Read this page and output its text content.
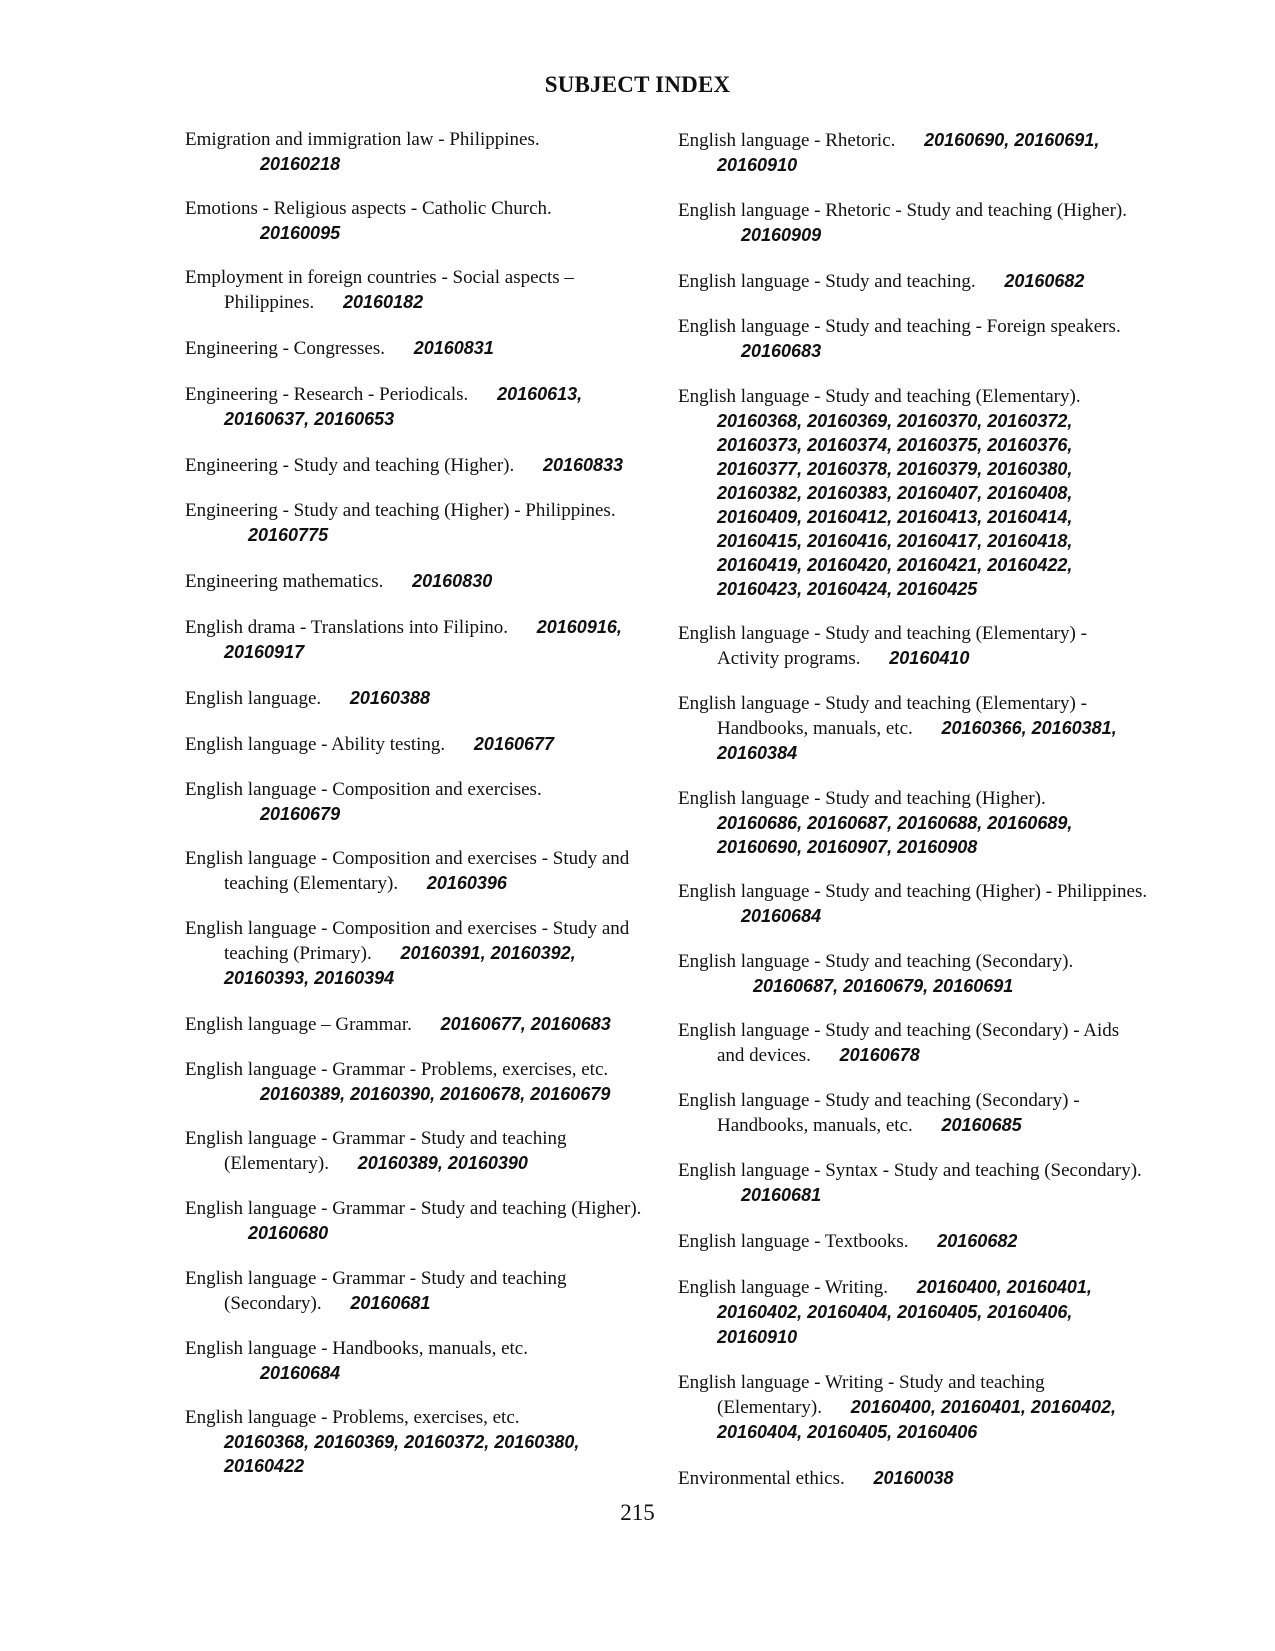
SUBJECT INDEX
Emigration and immigration law - Philippines.
20160218
Emotions - Religious aspects - Catholic Church.
20160095
Employment in foreign countries - Social aspects – Philippines. 20160182
Engineering - Congresses. 20160831
Engineering - Research - Periodicals. 20160613, 20160637, 20160653
Engineering - Study and teaching (Higher). 20160833
Engineering - Study and teaching (Higher) - Philippines. 20160775
Engineering mathematics. 20160830
English drama - Translations into Filipino. 20160916, 20160917
English language. 20160388
English language - Ability testing. 20160677
English language - Composition and exercises.
20160679
English language - Composition and exercises - Study and teaching (Elementary). 20160396
English language - Composition and exercises - Study and teaching (Primary). 20160391, 20160392, 20160393, 20160394
English language – Grammar. 20160677, 20160683
English language - Grammar - Problems, exercises, etc.
20160389, 20160390, 20160678, 20160679
English language - Grammar - Study and teaching (Elementary). 20160389, 20160390
English language - Grammar - Study and teaching (Higher). 20160680
English language - Grammar - Study and teaching (Secondary). 20160681
English language - Handbooks, manuals, etc.
20160684
English language - Problems, exercises, etc.
20160368, 20160369, 20160372, 20160380, 20160422
English language - Rhetoric. 20160690, 20160691, 20160910
English language - Rhetoric - Study and teaching (Higher). 20160909
English language - Study and teaching. 20160682
English language - Study and teaching - Foreign speakers. 20160683
English language - Study and teaching (Elementary).
20160368, 20160369, 20160370, 20160372, 20160373, 20160374, 20160375, 20160376, 20160377, 20160378, 20160379, 20160380, 20160382, 20160383, 20160407, 20160408, 20160409, 20160412, 20160413, 20160414, 20160415, 20160416, 20160417, 20160418, 20160419, 20160420, 20160421, 20160422, 20160423, 20160424, 20160425
English language - Study and teaching (Elementary) - Activity programs. 20160410
English language - Study and teaching (Elementary) - Handbooks, manuals, etc. 20160366, 20160381, 20160384
English language - Study and teaching (Higher).
20160686, 20160687, 20160688, 20160689, 20160690, 20160907, 20160908
English language - Study and teaching (Higher) - Philippines. 20160684
English language - Study and teaching (Secondary).
20160687, 20160679, 20160691
English language - Study and teaching (Secondary) - Aids and devices. 20160678
English language - Study and teaching (Secondary) - Handbooks, manuals, etc. 20160685
English language - Syntax - Study and teaching (Secondary). 20160681
English language - Textbooks. 20160682
English language - Writing. 20160400, 20160401, 20160402, 20160404, 20160405, 20160406, 20160910
English language - Writing - Study and teaching (Elementary). 20160400, 20160401, 20160402, 20160404, 20160405, 20160406
Environmental ethics. 20160038
215
